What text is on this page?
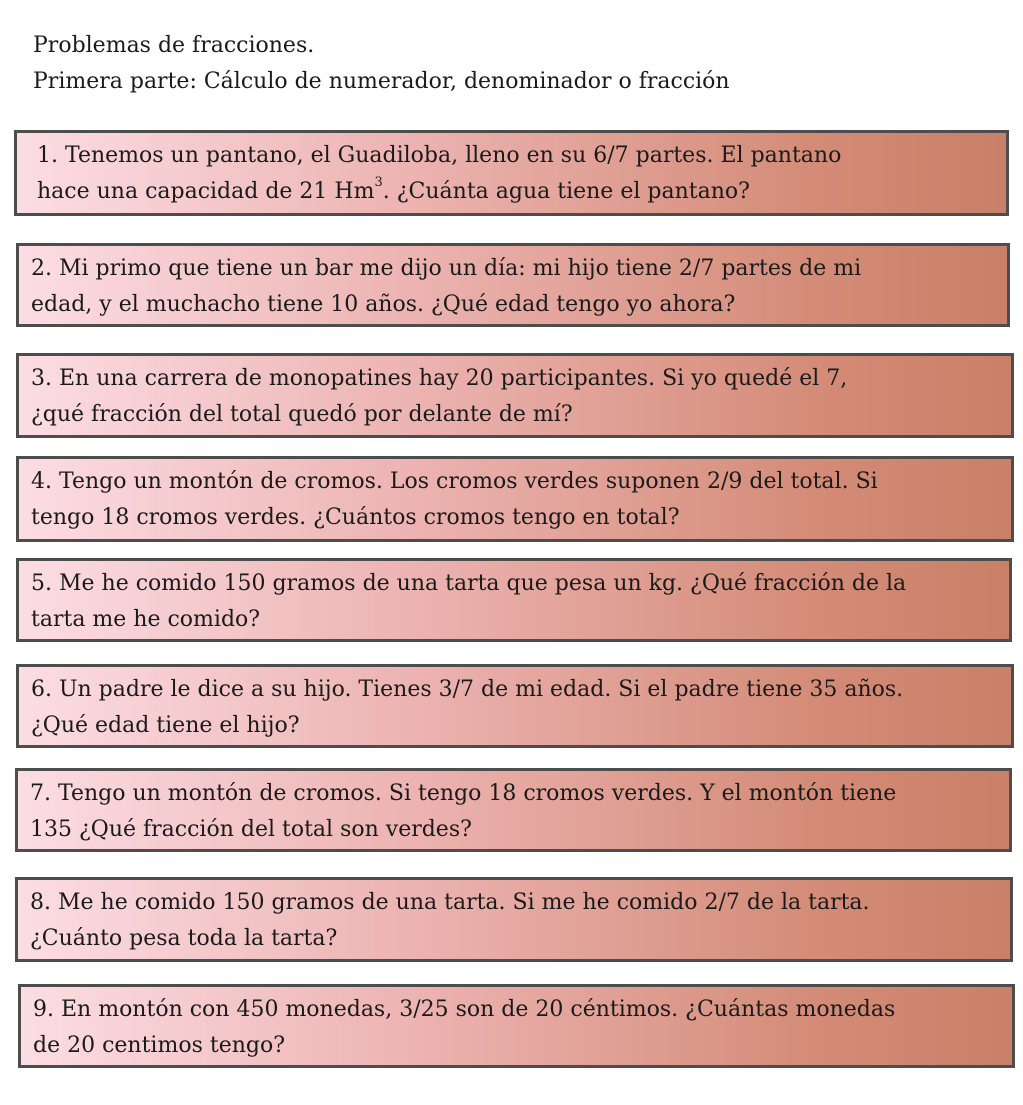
Problemas de fracciones.
Primera parte: Cálculo de numerador, denominador o fracción

1. Tenemos un pantano, el Guadiloba, lleno en su 6/7 partes. El pantano

hace una capacidad de 21 Hm$^3$. ¿Cuánta agua tiene el pantano?

2. Mi primo que tiene un bar me dijo un día: mi hijo tiene 2/7 partes de mi

edad, y el muchacho tiene 10 años. ¿Qué edad tengo yo ahora?

3. En una carrera de monopatines hay 20 participantes. Si yo quedé el 7,

¿qué fracción del total quedó por delante de mí?

4. Tengo un montón de cromos. Los cromos verdes suponen 2/9 del total. Si

tengo 18 cromos verdes. ¿Cuántos cromos tengo en total?

5. Me he comido 150 gramos de una tarta que pesa un kg. ¿Qué fracción de la

tarta me he comido?

6. Un padre le dice a su hijo. Tienes 3/7 de mi edad. Si el padre tiene 35 años.

¿Qué edad tiene el hijo?

7. Tengo un montón de cromos. Si tengo 18 cromos verdes. Y el montón tiene

135 ¿Qué fracción del total son verdes?

8. Me he comido 150 gramos de una tarta. Si me he comido 2/7 de la tarta.

¿Cuánto pesa toda la tarta?

9. En montón con 450 monedas, 3/25 son de 20 céntimos. ¿Cuántas monedas

de 20 centimos tengo?
